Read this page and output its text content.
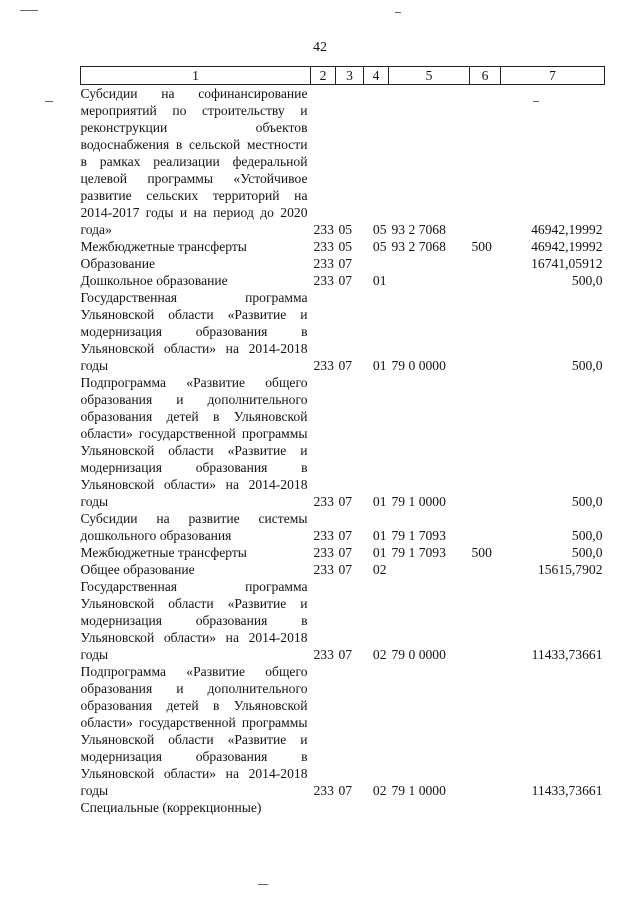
42
1	2	3	4	5	6	7
Субсидии на софинансирование мероприятий по строительству и реконструкции объектов водоснабжения в сельской местности в рамках реализации федеральной целевой программы «Устойчивое развитие сельских территорий на 2014-2017 годы и на период до 2020 года»	233	05	05	93 2 7068		46942,19992
Межбюджетные трансферты	233	05	05	93 2 7068	500	46942,19992
Образование	233	07				16741,05912
Дошкольное образование	233	07	01			500,0
Государственная программа Ульяновской области «Развитие и модернизация образования в Ульяновской области» на 2014-2018 годы	233	07	01	79 0 0000		500,0
Подпрограмма «Развитие общего образования и дополнительного образования детей в Ульяновской области» государственной программы Ульяновской области «Развитие и модернизация образования в Ульяновской области» на 2014-2018 годы	233	07	01	79 1 0000		500,0
Субсидии на развитие системы дошкольного образования	233	07	01	79 1 7093		500,0
Межбюджетные трансферты	233	07	01	79 1 7093	500	500,0
Общее образование	233	07	02			15615,7902
Государственная программа Ульяновской области «Развитие и модернизация образования в Ульяновской области» на 2014-2018 годы	233	07	02	79 0 0000		11433,73661
Подпрограмма «Развитие общего образования и дополнительного образования детей в Ульяновской области» государственной программы Ульяновской области «Развитие и модернизация образования в Ульяновской области» на 2014-2018 годы	233	07	02	79 1 0000		11433,73661
Специальные (коррекционные)						
